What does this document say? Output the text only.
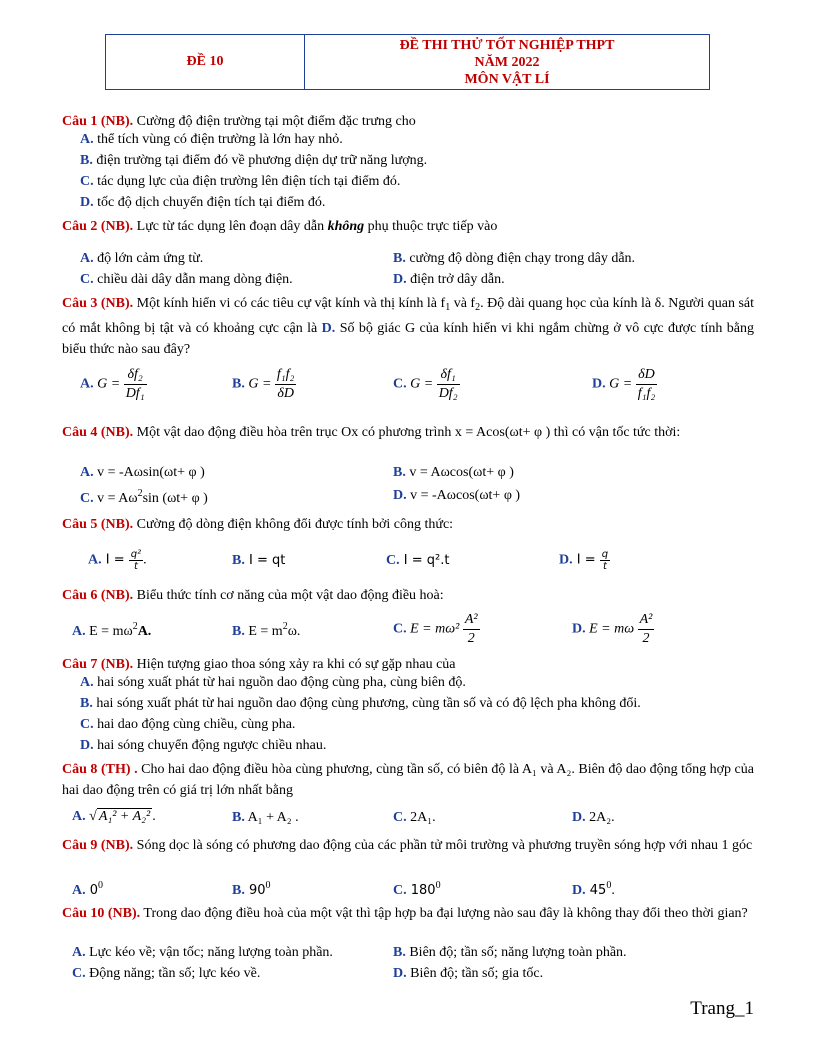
ĐỀ 10
ĐỀ THI THỬ TỐT NGHIỆP THPT
NĂM 2022
MÔN VẬT LÍ
Câu 1 (NB). Cường độ điện trường tại một điểm đặc trưng cho
A. thể tích vùng có điện trường là lớn hay nhỏ.
B. điện trường tại điểm đó về phương diện dự trữ năng lượng.
C. tác dụng lực của điện trường lên điện tích tại điểm đó.
D. tốc độ dịch chuyển điện tích tại điểm đó.
Câu 2 (NB). Lực từ tác dụng lên đoạn dây dẫn không phụ thuộc trực tiếp vào
A. độ lớn cảm ứng từ.	B. cường độ dòng điện chạy trong dây dẫn.
C. chiều dài dây dẫn mang dòng điện.	D. điện trở dây dẫn.
Câu 3 (NB). Một kính hiển vi có các tiêu cự vật kính và thị kính là $f_1$ và $f_2$. Độ dài quang học của kính là δ. Người quan sát có mắt không bị tật và có khoảng cực cận là D. Số bộ giác G của kính hiển vi khi ngắm chừng ở vô cực được tính bằng biểu thức nào sau đây?
A. $G = \frac{\text{δf₂}}{\text{Df₁}}$	B. $G = \frac{\text{f₁f₂}}{\delta D}$	C. $G = \frac{\text{δf₁}}{\text{Df₂}}$	D. $G = \frac{\delta D}{\text{f₁f₂}}$
Câu 4 (NB). Một vật dao động điều hòa trên trục Ox có phương trình x = Acos(ωt+ φ ) thì có vận tốc tức thời:
A. v = -Aωsin(ωt+ φ )	B. v = Aωcos(ωt+ φ )
C. $v = A\omega^2\sin$ (ωt+ φ )	D. v = -Aωcos(ωt+ φ )
Câu 5 (NB). Cường độ dòng điện không đổi được tính bởi công thức:
A. $I = \frac{\text{q²}}{t}$ .	B. I = qt	C. I = q².t	D. $I = \frac{q}{t}$
Câu 6 (NB). Biểu thức tính cơ năng của một vật dao động điều hoà:
A. $E = m\omega^2A$.	B. $E = m^2\omega$.	C. $E = m\omega^2 \frac{\text{A²}}{2}$	D. E = mω $\frac{\text{A²}}{2}$
Câu 7 (NB). Hiện tượng giao thoa sóng xảy ra khi có sự gặp nhau của
A. hai sóng xuất phát từ hai nguồn dao động cùng pha, cùng biên độ.
B. hai sóng xuất phát từ hai nguồn dao động cùng phương, cùng tần số và có độ lệch pha không đổi.
C. hai dao động cùng chiều, cùng pha.
D. hai sóng chuyển động ngược chiều nhau.
Câu 8 (TH) . Cho hai dao động điều hòa cùng phương, cùng tần số, có biên độ là A₁ và A₂. Biên độ dao động tổng hợp của hai dao động trên có giá trị lớn nhất bằng
A. √ A₁² + A₂² .	B. A₁ + A₂ .	C. 2A₁.	D. 2A₂.
Câu 9 (NB). Sóng dọc là sóng có phương dao động của các phần tử môi trường và phương truyền sóng hợp với nhau 1 góc
A. $0^0$	B. $90^0$	C. $180^0$	D. $45^0$.
Câu 10 (NB). Trong dao động điều hoà của một vật thì tập hợp ba đại lượng nào sau đây là không thay đổi theo thời gian?
A. Lực kéo về; vận tốc; năng lượng toàn phần.	B. Biên độ; tần số; năng lượng toàn phần.
C. Động năng; tần số; lực kéo về.	D. Biên độ; tần số; gia tốc.
Trang_1
